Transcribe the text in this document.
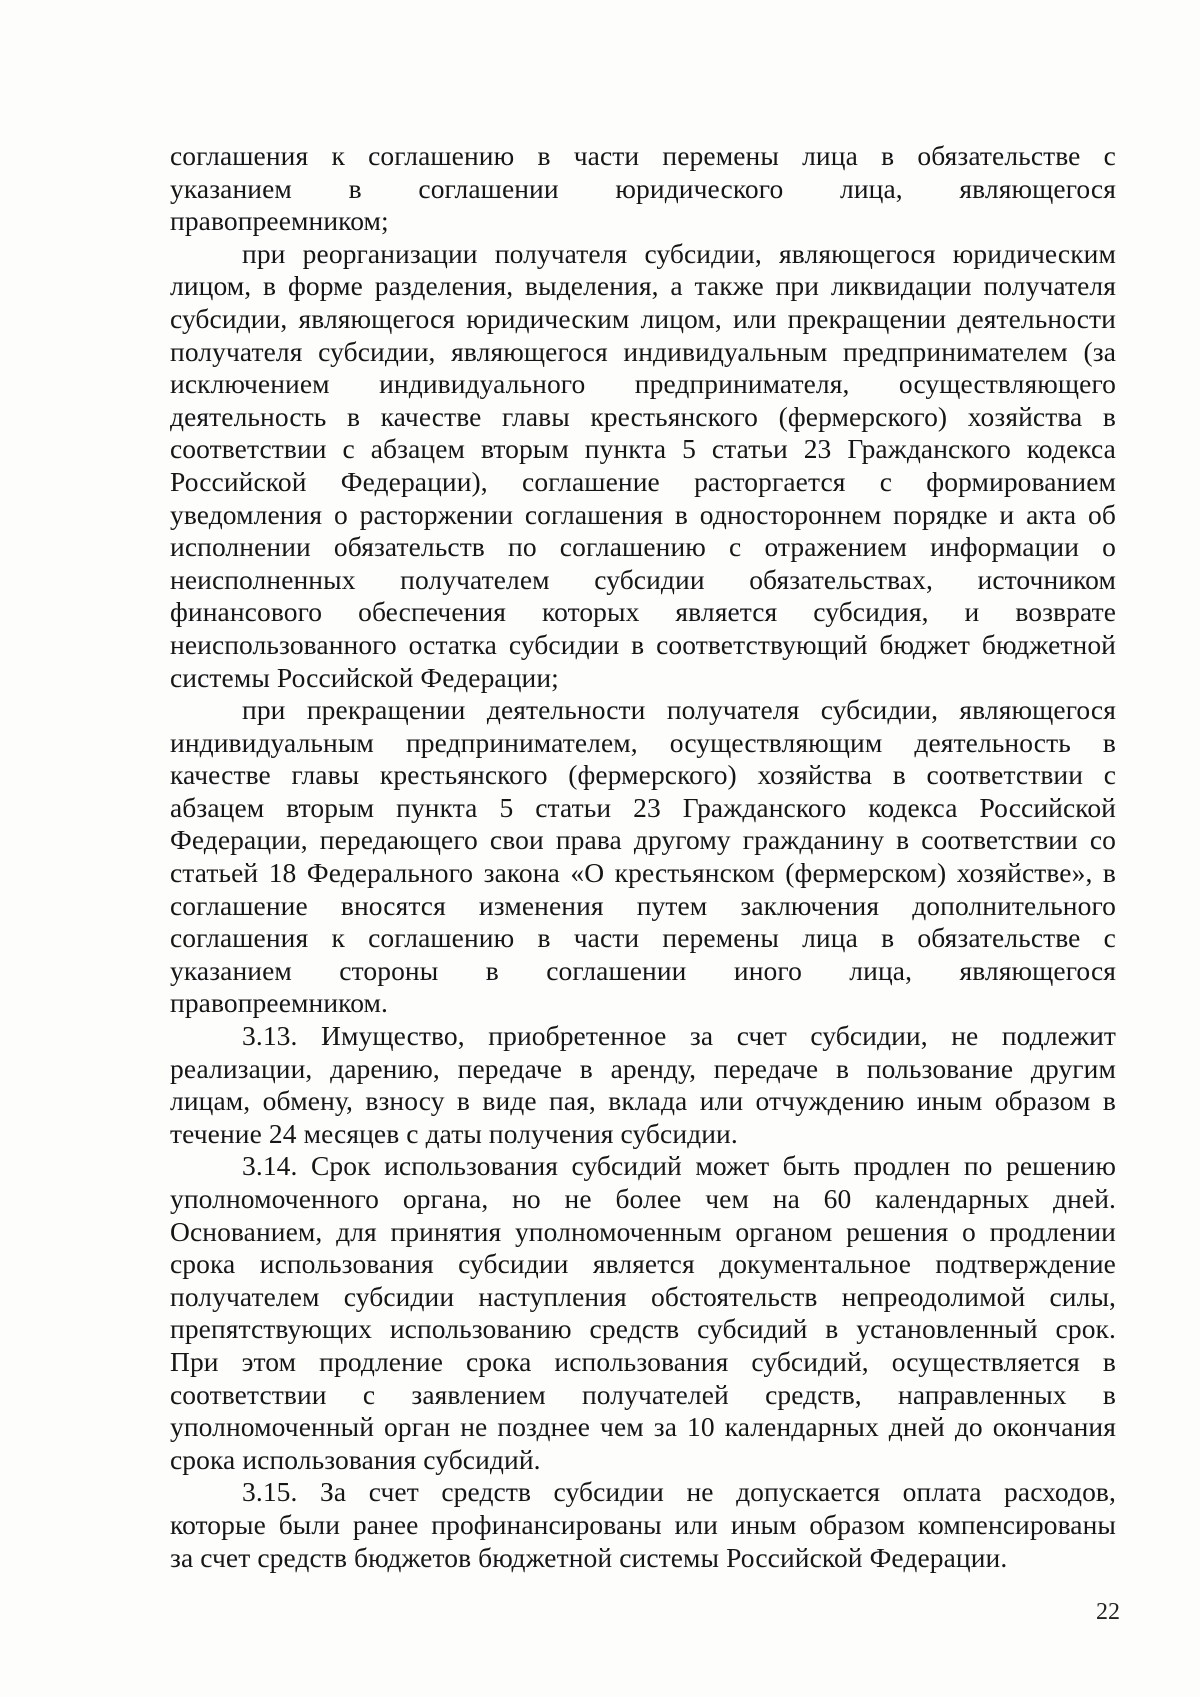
соглашения к соглашению в части перемены лица в обязательстве с
указанием в соглашении юридического лица, являющегося
правопреемником;
при реорганизации получателя субсидии, являющегося юридическим
лицом, в форме разделения, выделения, а также при ликвидации получателя
субсидии, являющегося юридическим лицом, или прекращении деятельности
получателя субсидии, являющегося индивидуальным предпринимателем (за
исключением индивидуального предпринимателя, осуществляющего
деятельность в качестве главы крестьянского (фермерского) хозяйства в
соответствии с абзацем вторым пункта 5 статьи 23 Гражданского кодекса
Российской Федерации), соглашение расторгается с формированием
уведомления о расторжении соглашения в одностороннем порядке и акта об
исполнении обязательств по соглашению с отражением информации о
неисполненных получателем субсидии обязательствах, источником
финансового обеспечения которых является субсидия, и возврате
неиспользованного остатка субсидии в соответствующий бюджет бюджетной
системы Российской Федерации;
при прекращении деятельности получателя субсидии, являющегося
индивидуальным предпринимателем, осуществляющим деятельность в
качестве главы крестьянского (фермерского) хозяйства в соответствии с
абзацем вторым пункта 5 статьи 23 Гражданского кодекса Российской
Федерации, передающего свои права другому гражданину в соответствии со
статьей 18 Федерального закона «О крестьянском (фермерском) хозяйстве», в
соглашение вносятся изменения путем заключения дополнительного
соглашения к соглашению в части перемены лица в обязательстве с
указанием стороны в соглашении иного лица, являющегося
правопреемником.
3.13. Имущество, приобретенное за счет субсидии, не подлежит
реализации, дарению, передаче в аренду, передаче в пользование другим
лицам, обмену, взносу в виде пая, вклада или отчуждению иным образом в
течение 24 месяцев с даты получения субсидии.
3.14. Срок использования субсидий может быть продлен по решению
уполномоченного органа, но не более чем на 60 календарных дней.
Основанием, для принятия уполномоченным органом решения о продлении
срока использования субсидии является документальное подтверждение
получателем субсидии наступления обстоятельств непреодолимой силы,
препятствующих использованию средств субсидий в установленный срок.
При этом продление срока использования субсидий, осуществляется в
соответствии с заявлением получателей средств, направленных в
уполномоченный орган не позднее чем за 10 календарных дней до окончания
срока использования субсидий.
3.15. За счет средств субсидии не допускается оплата расходов,
которые были ранее профинансированы или иным образом компенсированы
за счет средств бюджетов бюджетной системы Российской Федерации.
22
